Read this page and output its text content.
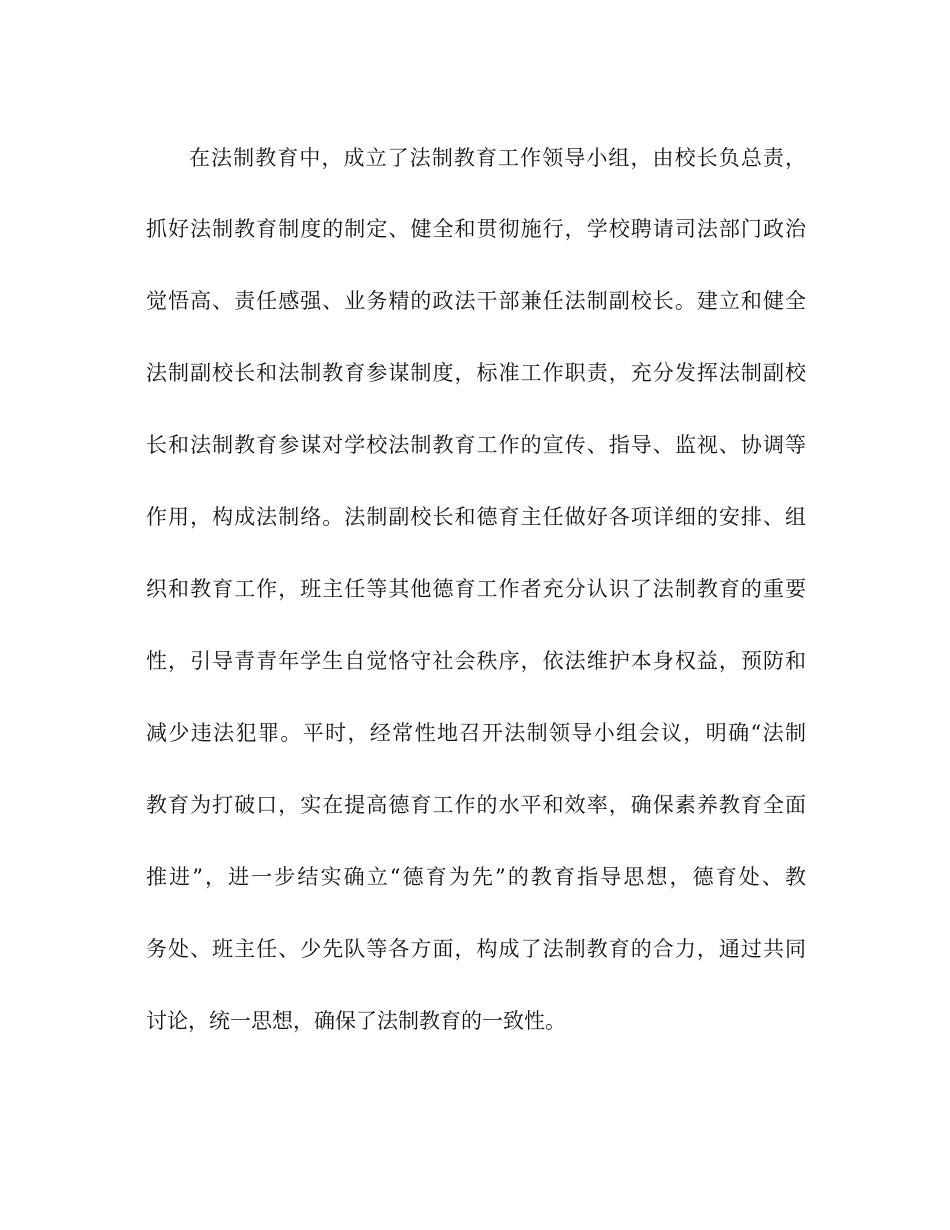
在法制教育中，成立了法制教育工作领导小组，由校长负总责，
抓好法制教育制度的制定、健全和贯彻施行，学校聘请司法部门政治
觉悟高、责任感强、业务精的政法干部兼任法制副校长。建立和健全
法制副校长和法制教育参谋制度，标准工作职责，充分发挥法制副校
长和法制教育参谋对学校法制教育工作的宣传、指导、监视、协调等
作用，构成法制络。法制副校长和德育主任做好各项详细的安排、组
织和教育工作，班主任等其他德育工作者充分认识了法制教育的重要
性，引导青青年学生自觉恪守社会秩序，依法维护本身权益，预防和
减少违法犯罪。平时，经常性地召开法制领导小组会议，明确“法制
教育为打破口，实在提高德育工作的水平和效率，确保素养教育全面
推进”，进一步结实确立“德育为先”的教育指导思想，德育处、教
务处、班主任、少先队等各方面，构成了法制教育的合力，通过共同
讨论，统一思想，确保了法制教育的一致性。
